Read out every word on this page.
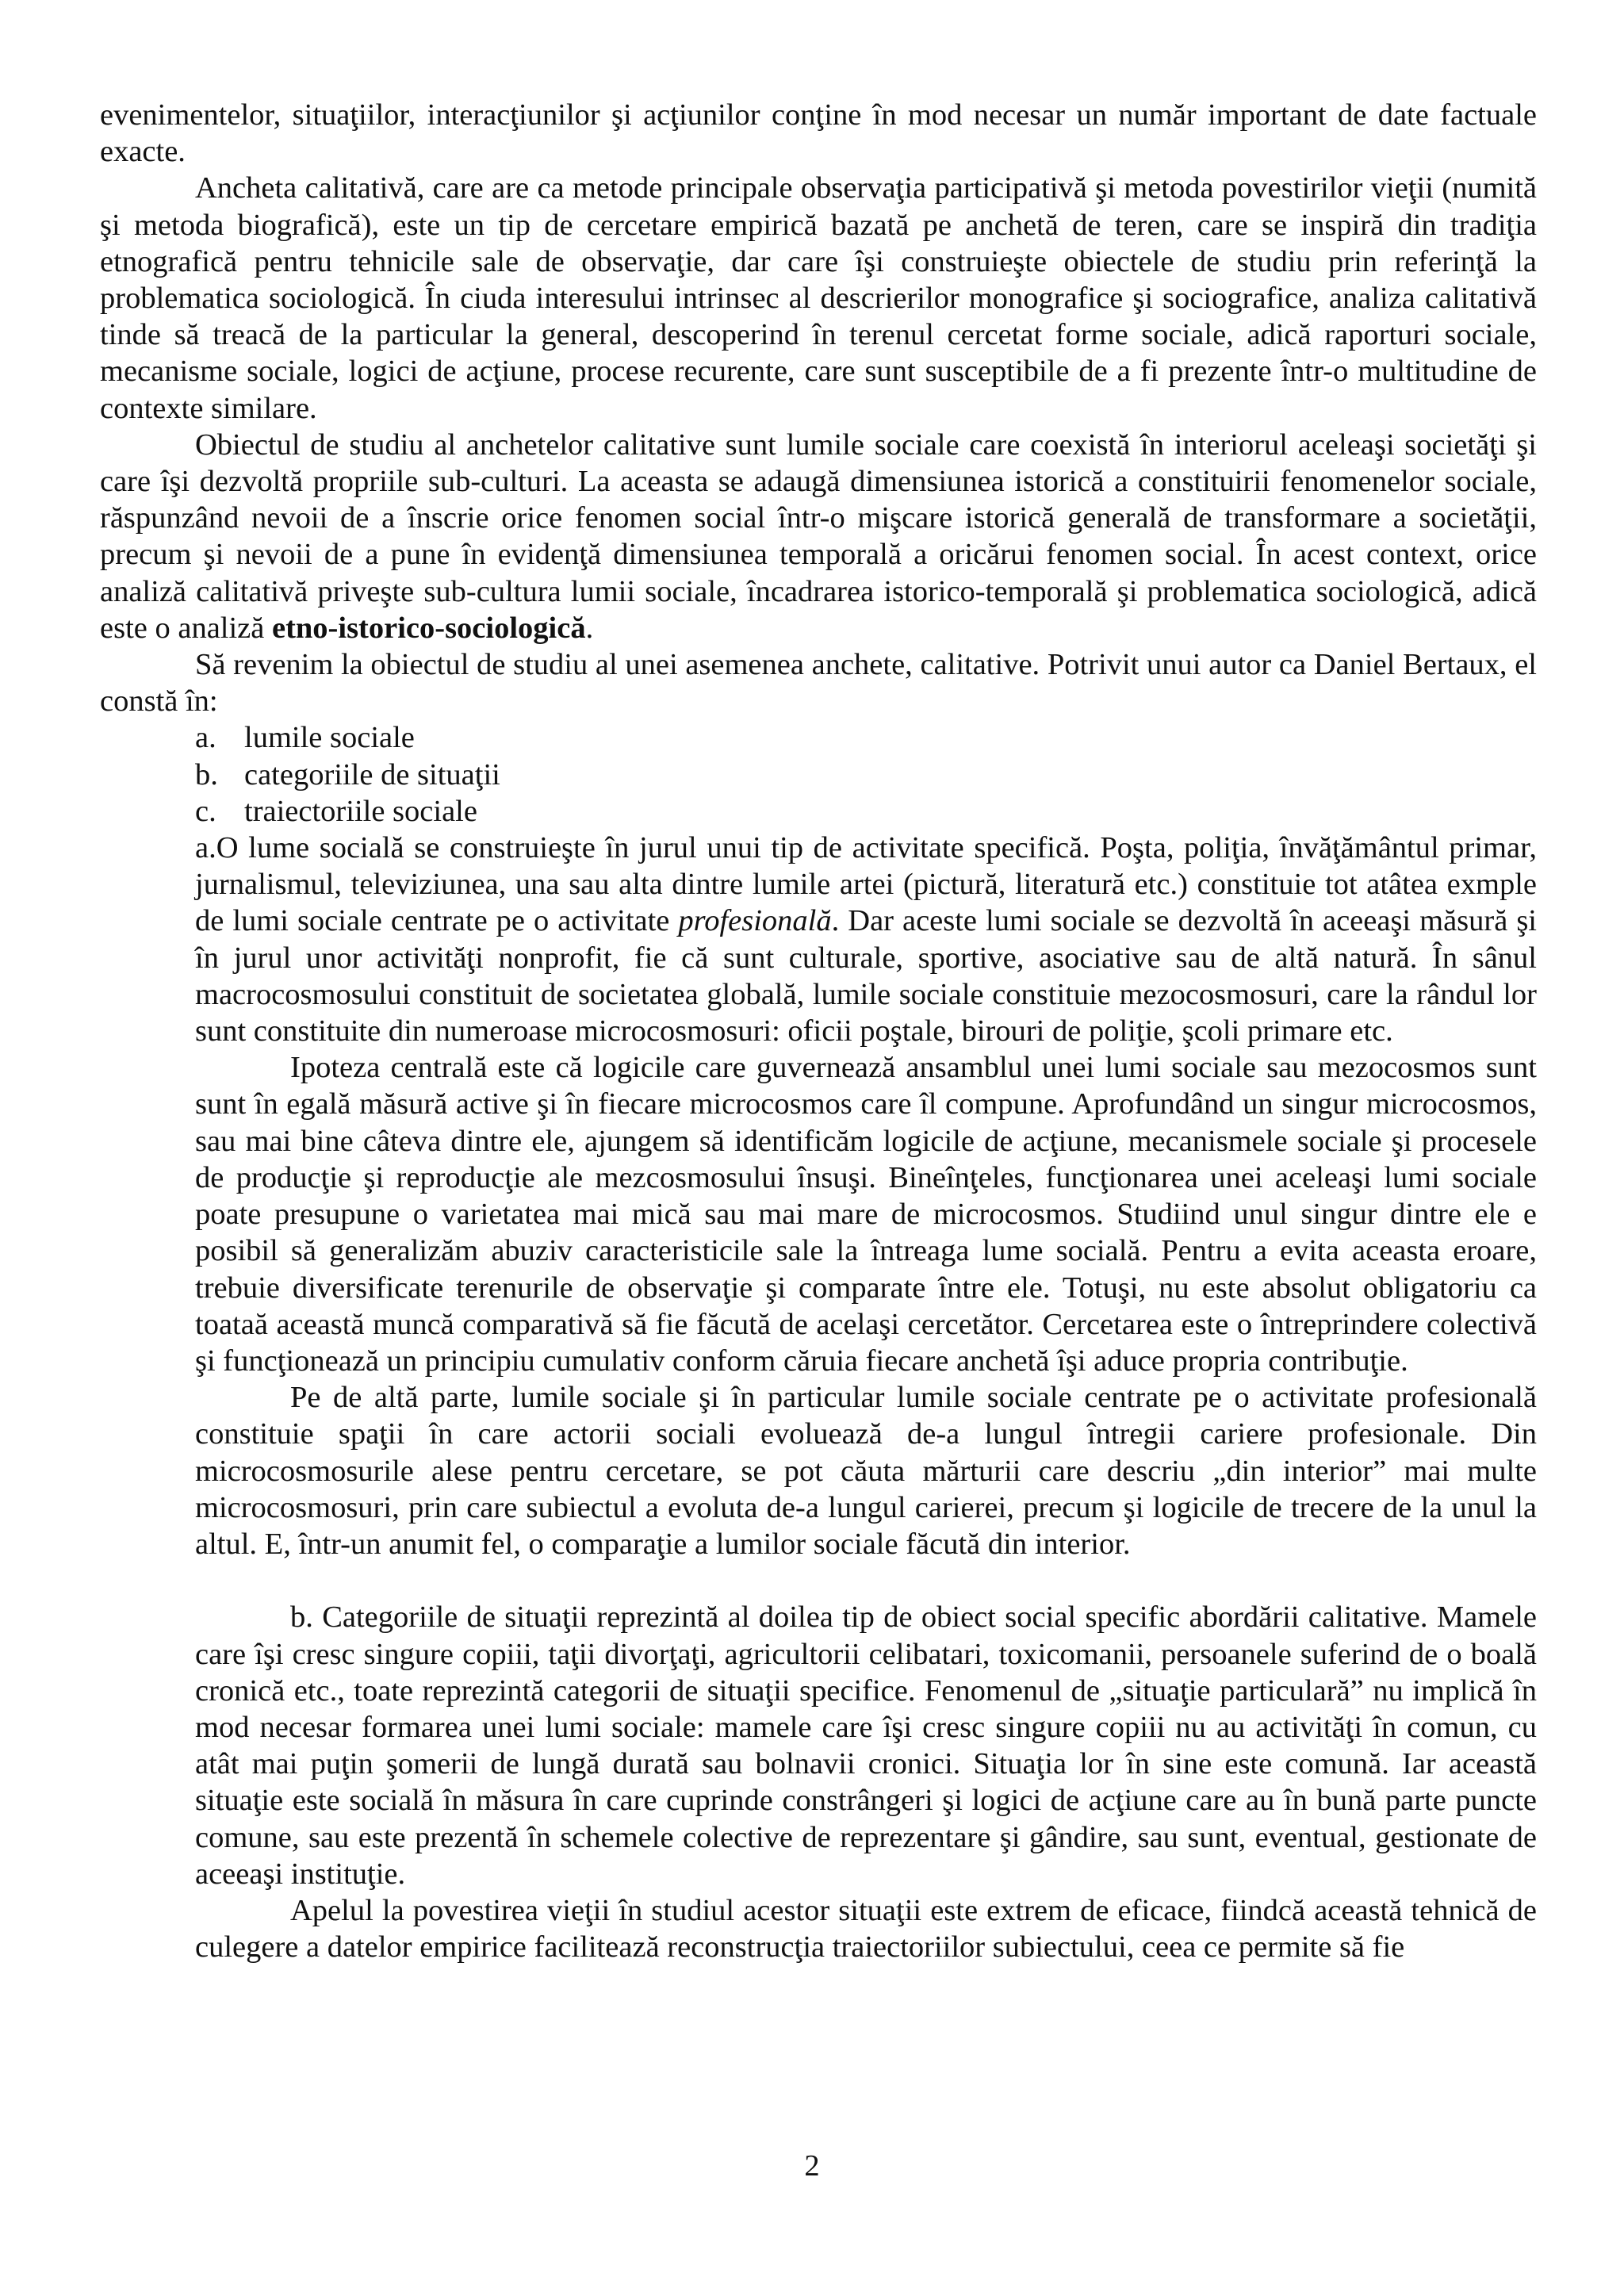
evenimentelor, situaţiilor, interacţiunilor şi acţiunilor conţine în mod necesar un număr important de date factuale exacte.

Ancheta calitativă, care are ca metode principale observaţia participativă şi metoda povestirilor vieţii (numită şi metoda biografică), este un tip de cercetare empirică bazată pe anchetă de teren, care se inspiră din tradiţia etnografică pentru tehnicile sale de observaţie, dar care îşi construieşte obiectele de studiu prin referinţă la problematica sociologică. În ciuda interesului intrinsec al descrierilor monografice şi sociografice, analiza calitativă tinde să treacă de la particular la general, descoperind în terenul cercetat forme sociale, adică raporturi sociale, mecanisme sociale, logici de acţiune, procese recurente, care sunt susceptibile de a fi prezente într-o multitudine de contexte similare.

Obiectul de studiu al anchetelor calitative sunt lumile sociale care coexistă în interiorul aceleaşi societăţi şi care îşi dezvoltă propriile sub-culturi. La aceasta se adaugă dimensiunea istorică a constituirii fenomenelor sociale, răspunzând nevoii de a înscrie orice fenomen social într-o mişcare istorică generală de transformare a societăţii, precum şi nevoii de a pune în evidenţă dimensiunea temporală a oricărui fenomen social. În acest context, orice analiză calitativă priveşte sub-cultura lumii sociale, încadrarea istorico-temporală şi problematica sociologică, adică este o analiză etno-istorico-sociologică.

Să revenim la obiectul de studiu al unei asemenea anchete, calitative. Potrivit unui autor ca Daniel Bertaux, el constă în:

a. lumile sociale
b. categoriile de situaţii
c. traiectoriile sociale

a.O lume socială se construieşte în jurul unui tip de activitate specifică. Poşta, poliţia, învăţământul primar, jurnalismul, televiziunea, una sau alta dintre lumile artei (pictură, literatură etc.) constituie tot atâtea exmple de lumi sociale centrate pe o activitate profesională. Dar aceste lumi sociale se dezvoltă în aceeaşi măsură şi în jurul unor activităţi nonprofit, fie că sunt culturale, sportive, asociative sau de altă natură. În sânul macrocosmosului constituit de societatea globală, lumile sociale constituie mezocosmosuri, care la rândul lor sunt constituite din numeroase microcosmosuri: oficii poştale, birouri de poliţie, şcoli primare etc.

Ipoteza centrală este că logicile care guvernează ansamblul unei lumi sociale sau mezocosmos sunt sunt în egală măsură active şi în fiecare microcosmos care îl compune. Aprofundând un singur microcosmos, sau mai bine câteva dintre ele, ajungem să identificăm logicile de acţiune, mecanismele sociale şi procesele de producţie şi reproducţie ale mezcosmosului însuşi. Bineînţeles, funcţionarea unei aceleaşi lumi sociale poate presupune o varietatea mai mică sau mai mare de microcosmos. Studiind unul singur dintre ele e posibil să generalizăm abuziv caracteristicile sale la întreaga lume socială. Pentru a evita aceasta eroare, trebuie diversificate terenurile de observaţie şi comparate între ele. Totuşi, nu este absolut obligatoriu ca toataă această muncă comparativă să fie făcută de acelaşi cercetător. Cercetarea este o întreprindere colectivă şi funcţionează un principiu cumulativ conform căruia fiecare anchetă îşi aduce propria contribuţie.

Pe de altă parte, lumile sociale şi în particular lumile sociale centrate pe o activitate profesională constituie spaţii în care actorii sociali evoluează de-a lungul întregii cariere profesionale. Din microcosmosurile alese pentru cercetare, se pot căuta mărturii care descriu „din interior” mai multe microcosmosuri, prin care subiectul a evoluta de-a lungul carierei, precum şi logicile de trecere de la unul la altul. E, într-un anumit fel, o comparaţie a lumilor sociale făcută din interior.

b. Categoriile de situaţii reprezintă al doilea tip de obiect social specific abordării calitative. Mamele care îşi cresc singure copiii, taţii divorţaţi, agricultorii celibatari, toxicomanii, persoanele suferind de o boală cronică etc., toate reprezintă categorii de situaţii specifice. Fenomenul de „situaţie particulară” nu implică în mod necesar formarea unei lumi sociale: mamele care îşi cresc singure copiii nu au activităţi în comun, cu atât mai puţin şomerii de lungă durată sau bolnavii cronici. Situaţia lor în sine este comună. Iar această situaţie este socială în măsura în care cuprinde constrângeri şi logici de acţiune care au în bună parte puncte comune, sau este prezentă în schemele colective de reprezentare şi gândire, sau sunt, eventual, gestionate de aceeaşi instituţie.

Apelul la povestirea vieţii în studiul acestor situaţii este extrem de eficace, fiindcă această tehnică de culegere a datelor empirice facilitează reconstrucţia traiectoriilor subiectului, ceea ce permite să fie

2
